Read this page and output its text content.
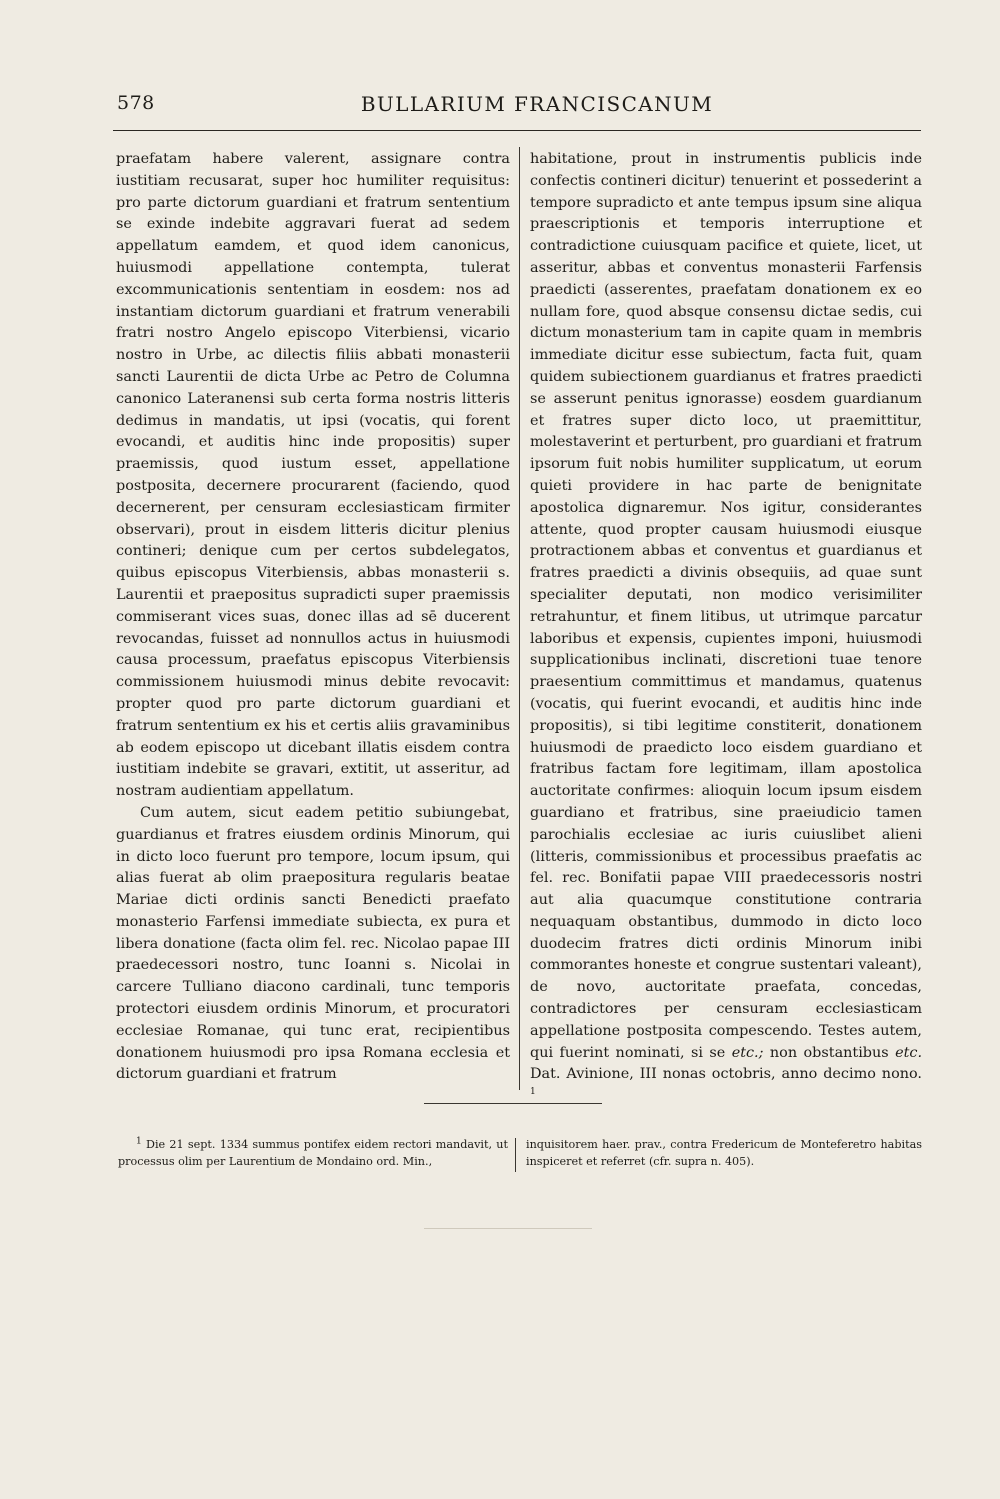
578	BULLARIUM FRANCISCANUM

praefatam habere valerent, assignare contra iustitiam recusarat, super hoc humiliter requisitus: pro parte dictorum guardiani et fratrum sententium se exinde indebite aggravari fuerat ad sedem appellatum eamdem, et quod idem canonicus, huiusmodi appellatione contempta, tulerat excommunicationis sententiam in eosdem: nos ad instantiam dictorum guardiani et fratrum venerabili fratri nostro Angelo episcopo Viterbiensi, vicario nostro in Urbe, ac dilectis filiis abbati monasterii sancti Laurentii de dicta Urbe ac Petro de Columna canonico Lateranensi sub certa forma nostris litteris dedimus in mandatis, ut ipsi (vocatis, qui forent evocandi, et auditis hinc inde propositis) super praemissis, quod iustum esset, appellatione postposita, decernere procurarent (faciendo, quod decernerent, per censuram ecclesiasticam firmiter observari), prout in eisdem litteris dicitur plenius contineri; denique cum per certos subdelegatos, quibus episcopus Viterbiensis, abbas monasterii s. Laurentii et praepositus supradicti super praemissis commiserant vices suas, donec illas ad sē ducerent revocandas, fuisset ad nonnullos actus in huiusmodi causa processum, praefatus episcopus Viterbiensis commissionem huiusmodi minus debite revocavit: propter quod pro parte dictorum guardiani et fratrum sententium ex his et certis aliis gravaminibus ab eodem episcopo ut dicebant illatis eisdem contra iustitiam indebite se gravari, extitit, ut asseritur, ad nostram audientiam appellatum.

Cum autem, sicut eadem petitio subiungebat, guardianus et fratres eiusdem ordinis Minorum, qui in dicto loco fuerunt pro tempore, locum ipsum, qui alias fuerat ab olim praepositura regularis beatae Mariae dicti ordinis sancti Benedicti praefato monasterio Farfensi immediate subiecta, ex pura et libera donatione (facta olim fel. rec. Nicolao papae III praedecessori nostro, tunc Ioanni s. Nicolai in carcere Tulliano diacono cardinali, tunc temporis protectori eiusdem ordinis Minorum, et procuratori ecclesiae Romanae, qui tunc erat, recipientibus donationem huiusmodi pro ipsa Romana ecclesia et dictorum guardiani et fratrum

habitatione, prout in instrumentis publicis inde confectis contineri dicitur) tenuerint et possederint a tempore supradicto et ante tempus ipsum sine aliqua praescriptionis et temporis interruptione et contradictione cuiusquam pacifice et quiete, licet, ut asseritur, abbas et conventus monasterii Farfensis praedicti (asserentes, praefatam donationem ex eo nullam fore, quod absque consensu dictae sedis, cui dictum monasterium tam in capite quam in membris immediate dicitur esse subiectum, facta fuit, quam quidem subiectionem guardianus et fratres praedicti se asserunt penitus ignorasse) eosdem guardianum et fratres super dicto loco, ut praemittitur, molestaverint et perturbent, pro guardiani et fratrum ipsorum fuit nobis humiliter supplicatum, ut eorum quieti providere in hac parte de benignitate apostolica dignaremur. Nos igitur, considerantes attente, quod propter causam huiusmodi eiusque protractionem abbas et conventus et guardianus et fratres praedicti a divinis obsequiis, ad quae sunt specialiter deputati, non modico verisimiliter retrahuntur, et finem litibus, ut utrimque parcatur laboribus et expensis, cupientes imponi, huiusmodi supplicationibus inclinati, discretioni tuae tenore praesentium committimus et mandamus, quatenus (vocatis, qui fuerint evocandi, et auditis hinc inde propositis), si tibi legitime constiterit, donationem huiusmodi de praedicto loco eisdem guardiano et fratribus factam fore legitimam, illam apostolica auctoritate confirmes: alioquin locum ipsum eisdem guardiano et fratribus, sine praeiudicio tamen parochialis ecclesiae ac iuris cuiuslibet alieni (litteris, commissionibus et processibus praefatis ac fel. rec. Bonifatii papae VIII praedecessoris nostri aut alia quacumque constitutione contraria nequaquam obstantibus, dummodo in dicto loco duodecim fratres dicti ordinis Minorum inibi commorantes honeste et congrue sustentari valeant), de novo, auctoritate praefata, concedas, contradictores per censuram ecclesiasticam appellatione postposita compescendo. Testes autem, qui fuerint nominati, si se etc.; non obstantibus etc. Dat. Avinione, III nonas octobris, anno decimo nono. $^1$

$^1$ Die 21 sept. 1334 summus pontifex eidem rectori mandavit, ut processus olim per Laurentium de Mondaino ord. Min.,

inquisitorem haer. prav., contra Fredericum de Monteferetro habitas inspiceret et referret (cfr. supra n. 405).
